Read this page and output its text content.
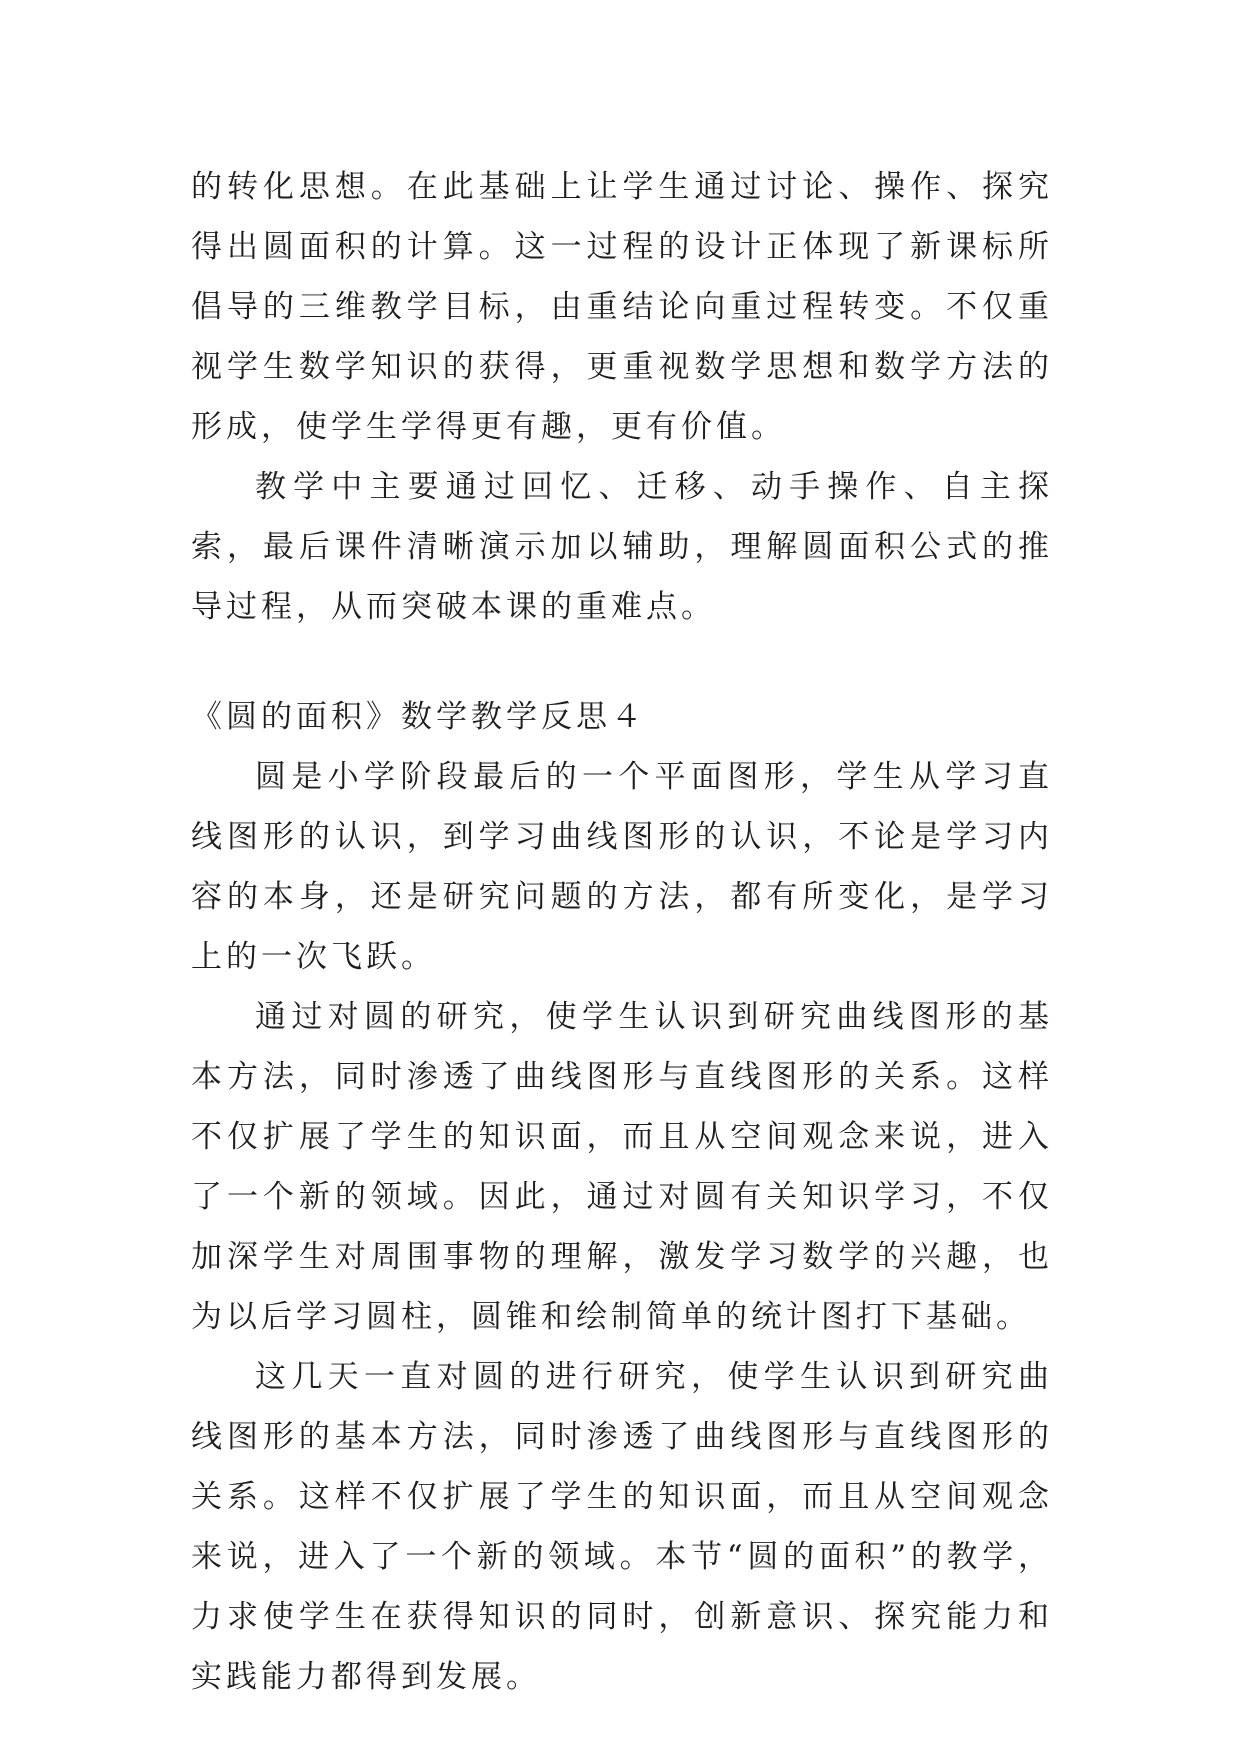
的转化思想。在此基础上让学生通过讨论、操作、探究得出圆面积的计算。这一过程的设计正体现了新课标所倡导的三维教学目标，由重结论向重过程转变。不仅重视学生数学知识的获得，更重视数学思想和数学方法的形成，使学生学得更有趣，更有价值。

教学中主要通过回忆、迁移、动手操作、自主探索，最后课件清晰演示加以辅助，理解圆面积公式的推导过程，从而突破本课的重难点。

《圆的面积》数学教学反思４

圆是小学阶段最后的一个平面图形，学生从学习直线图形的认识，到学习曲线图形的认识，不论是学习内容的本身，还是研究问题的方法，都有所变化，是学习上的一次飞跃。

通过对圆的研究，使学生认识到研究曲线图形的基本方法，同时渗透了曲线图形与直线图形的关系。这样不仅扩展了学生的知识面，而且从空间观念来说，进入了一个新的领域。因此，通过对圆有关知识学习，不仅加深学生对周围事物的理解，激发学习数学的兴趣，也为以后学习圆柱，圆锥和绘制简单的统计图打下基础。

这几天一直对圆的进行研究，使学生认识到研究曲线图形的基本方法，同时渗透了曲线图形与直线图形的关系。这样不仅扩展了学生的知识面，而且从空间观念来说，进入了一个新的领域。本节“圆的面积”的教学，力求使学生在获得知识的同时，创新意识、探究能力和实践能力都得到发展。
